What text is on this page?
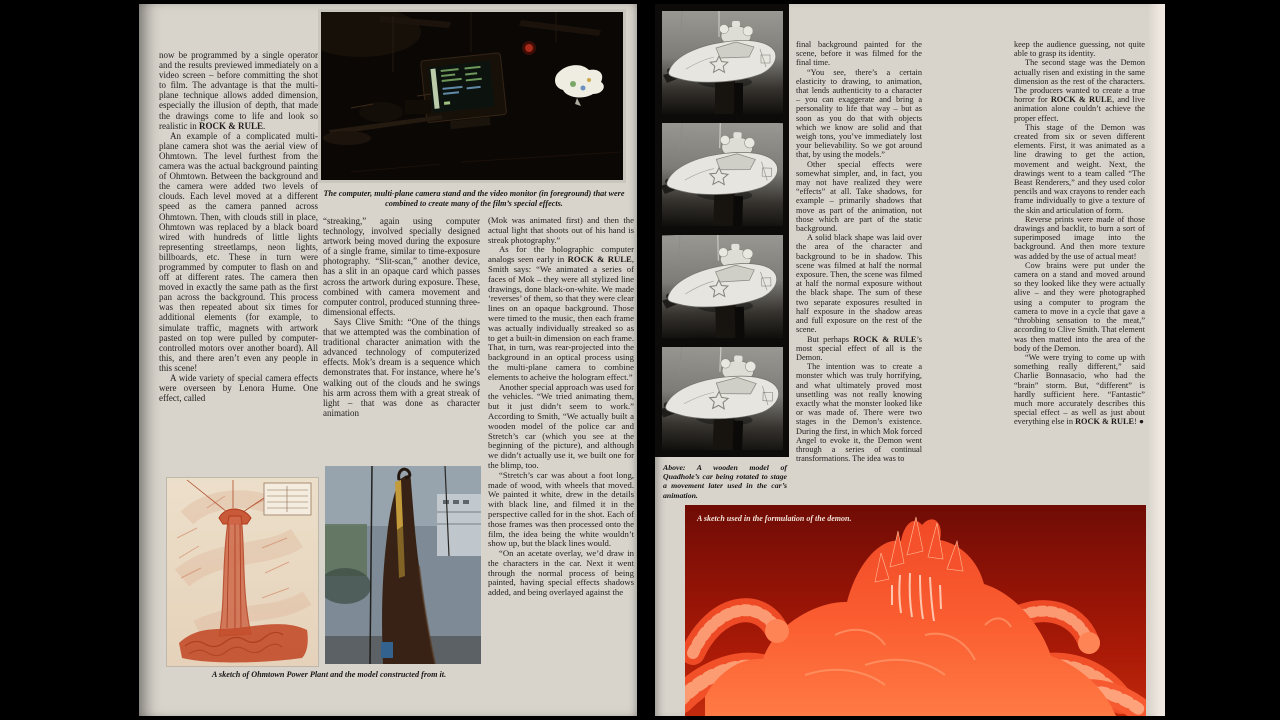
now be programmed by a single operator and the results previewed immediately on a video screen – before committing the shot to film. The advantage is that the multi-plane technique allows added dimension, especially the illusion of depth, that made the drawings come to life and look so realistic in ROCK & RULE.

An example of a complicated multi-plane camera shot was the aerial view of Ohmtown. The level furthest from the camera was the actual background painting of Ohmtown. Between the background and the camera were added two levels of clouds. Each level moved at a different speed as the camera panned across Ohmtown. Then, with clouds still in place, Ohmtown was replaced by a black board wired with hundreds of little lights representing streetlamps, neon lights, billboards, etc. These in turn were programmed by computer to flash on and off at different rates. The camera then moved in exactly the same path as the first pan across the background. This process was then repeated about six times for additional elements (for example, to simulate traffic, magnets with artwork pasted on top were pulled by computer-controlled motors over another board). All this, and there aren’t even any people in this scene!

A wide variety of special camera effects were overseen by Lenora Hume. One effect, called

The computer, multi-plane camera stand and the video monitor (in foreground) that were combined to create many of the film’s special effects.

“streaking,” again using computer technology, involved specially designed artwork being moved during the exposure of a single frame, similar to time-exposure photography. “Slit-scan,” another device, has a slit in an opaque card which passes across the artwork during exposure. These, combined with camera movement and computer control, produced stunning three-dimensional effects.

Says Clive Smith: “One of the things that we attempted was the combination of traditional character animation with the advanced technology of computerized effects. Mok’s dream is a sequence which demonstrates that. For instance, where he’s walking out of the clouds and he swings his arm across them with a great streak of light – that was done as character animation

(Mok was animated first) and then the actual light that shoots out of his hand is streak photography.”

As for the holographic computer analogs seen early in ROCK & RULE, Smith says: “We animated a series of faces of Mok – they were all stylized line drawings, done black-on-white. We made ‘reverses’ of them, so that they were clear lines on an opaque background. Those were timed to the music, then each frame was actually individually streaked so as to get a built-in dimension on each frame. That, in turn, was rear-projected into the background in an optical process using the multi-plane camera to combine elements to acheive the hologram effect.”

Another special approach was used for the vehicles. “We tried animating them, but it just didn’t seem to work.” According to Smith, “We actually built a wooden model of the police car and Stretch’s car (which you see at the beginning of the picture), and although we didn’t actually use it, we built one for the blimp, too.

“Stretch’s car was about a foot long, made of wood, with wheels that moved. We painted it white, drew in the details with black line, and filmed it in the perspective called for in the shot. Each of those frames was then processed onto the film, the idea being the white wouldn’t show up, but the black lines would.

“On an acetate overlay, we’d draw in the characters in the car. Next it went through the normal process of being painted, having special effects shadows added, and being overlayed against the

A sketch of Ohmtown Power Plant and the model constructed from it.
Above: A wooden model of Quadhole’s car being rotated to stage a movement later used in the car’s animation.

final background painted for the scene, before it was filmed for the final time.

“You see, there’s a certain elasticity to drawing, to animation, that lends authenticity to a character – you can exaggerate and bring a personality to life that way – but as soon as you do that with objects which we know are solid and that weigh tons, you’ve immediately lost your believability. So we got around that, by using the models.”

Other special effects were somewhat simpler, and, in fact, you may not have realized they were “effects” at all. Take shadows, for example – primarily shadows that move as part of the animation, not those which are part of the static background.

A solid black shape was laid over the area of the character and background to be in shadow. This scene was filmed at half the normal exposure. Then, the scene was filmed at half the normal exposure without the black shape. The sum of these two separate exposures resulted in half exposure in the shadow areas and full exposure on the rest of the scene.

But perhaps ROCK & RULE’s most special effect of all is the Demon.

The intention was to create a monster which was truly horrifying, and what ultimately proved most unsettling was not really knowing exactly what the monster looked like or was made of. There were two stages in the Demon’s existence. During the first, in which Mok forced Angel to evoke it, the Demon went through a series of continual transformations. The idea was to

keep the audience guessing, not quite able to grasp its identity.

The second stage was the Demon actually risen and existing in the same dimension as the rest of the characters. The producers wanted to create a true horror for ROCK & RULE, and live animation alone couldn’t achieve the proper effect.

This stage of the Demon was created from six or seven different elements. First, it was animated as a line drawing to get the action, movement and weight. Next, the drawings went to a team called “The Beast Renderers,” and they used color pencils and wax crayons to render each frame individually to give a texture of the skin and articulation of form.

Reverse prints were made of those drawings and backlit, to burn a sort of superimposed image into the background. And then more texture was added by the use of actual meat!

Cow brains were put under the camera on a stand and moved around so they looked like they were actually alive – and they were photographed using a computer to program the camera to move in a cycle that gave a “throbbing sensation to the meat,” according to Clive Smith. That element was then matted into the area of the body of the Demon.

“We were trying to come up with something really different,” said Charlie Bonnasacio, who had the “brain” storm. But, “different” is hardly sufficient here. “Fantastic” much more accurately describes this special effect – as well as just about everything else in ROCK & RULE! ●

A sketch used in the formulation of the demon.
